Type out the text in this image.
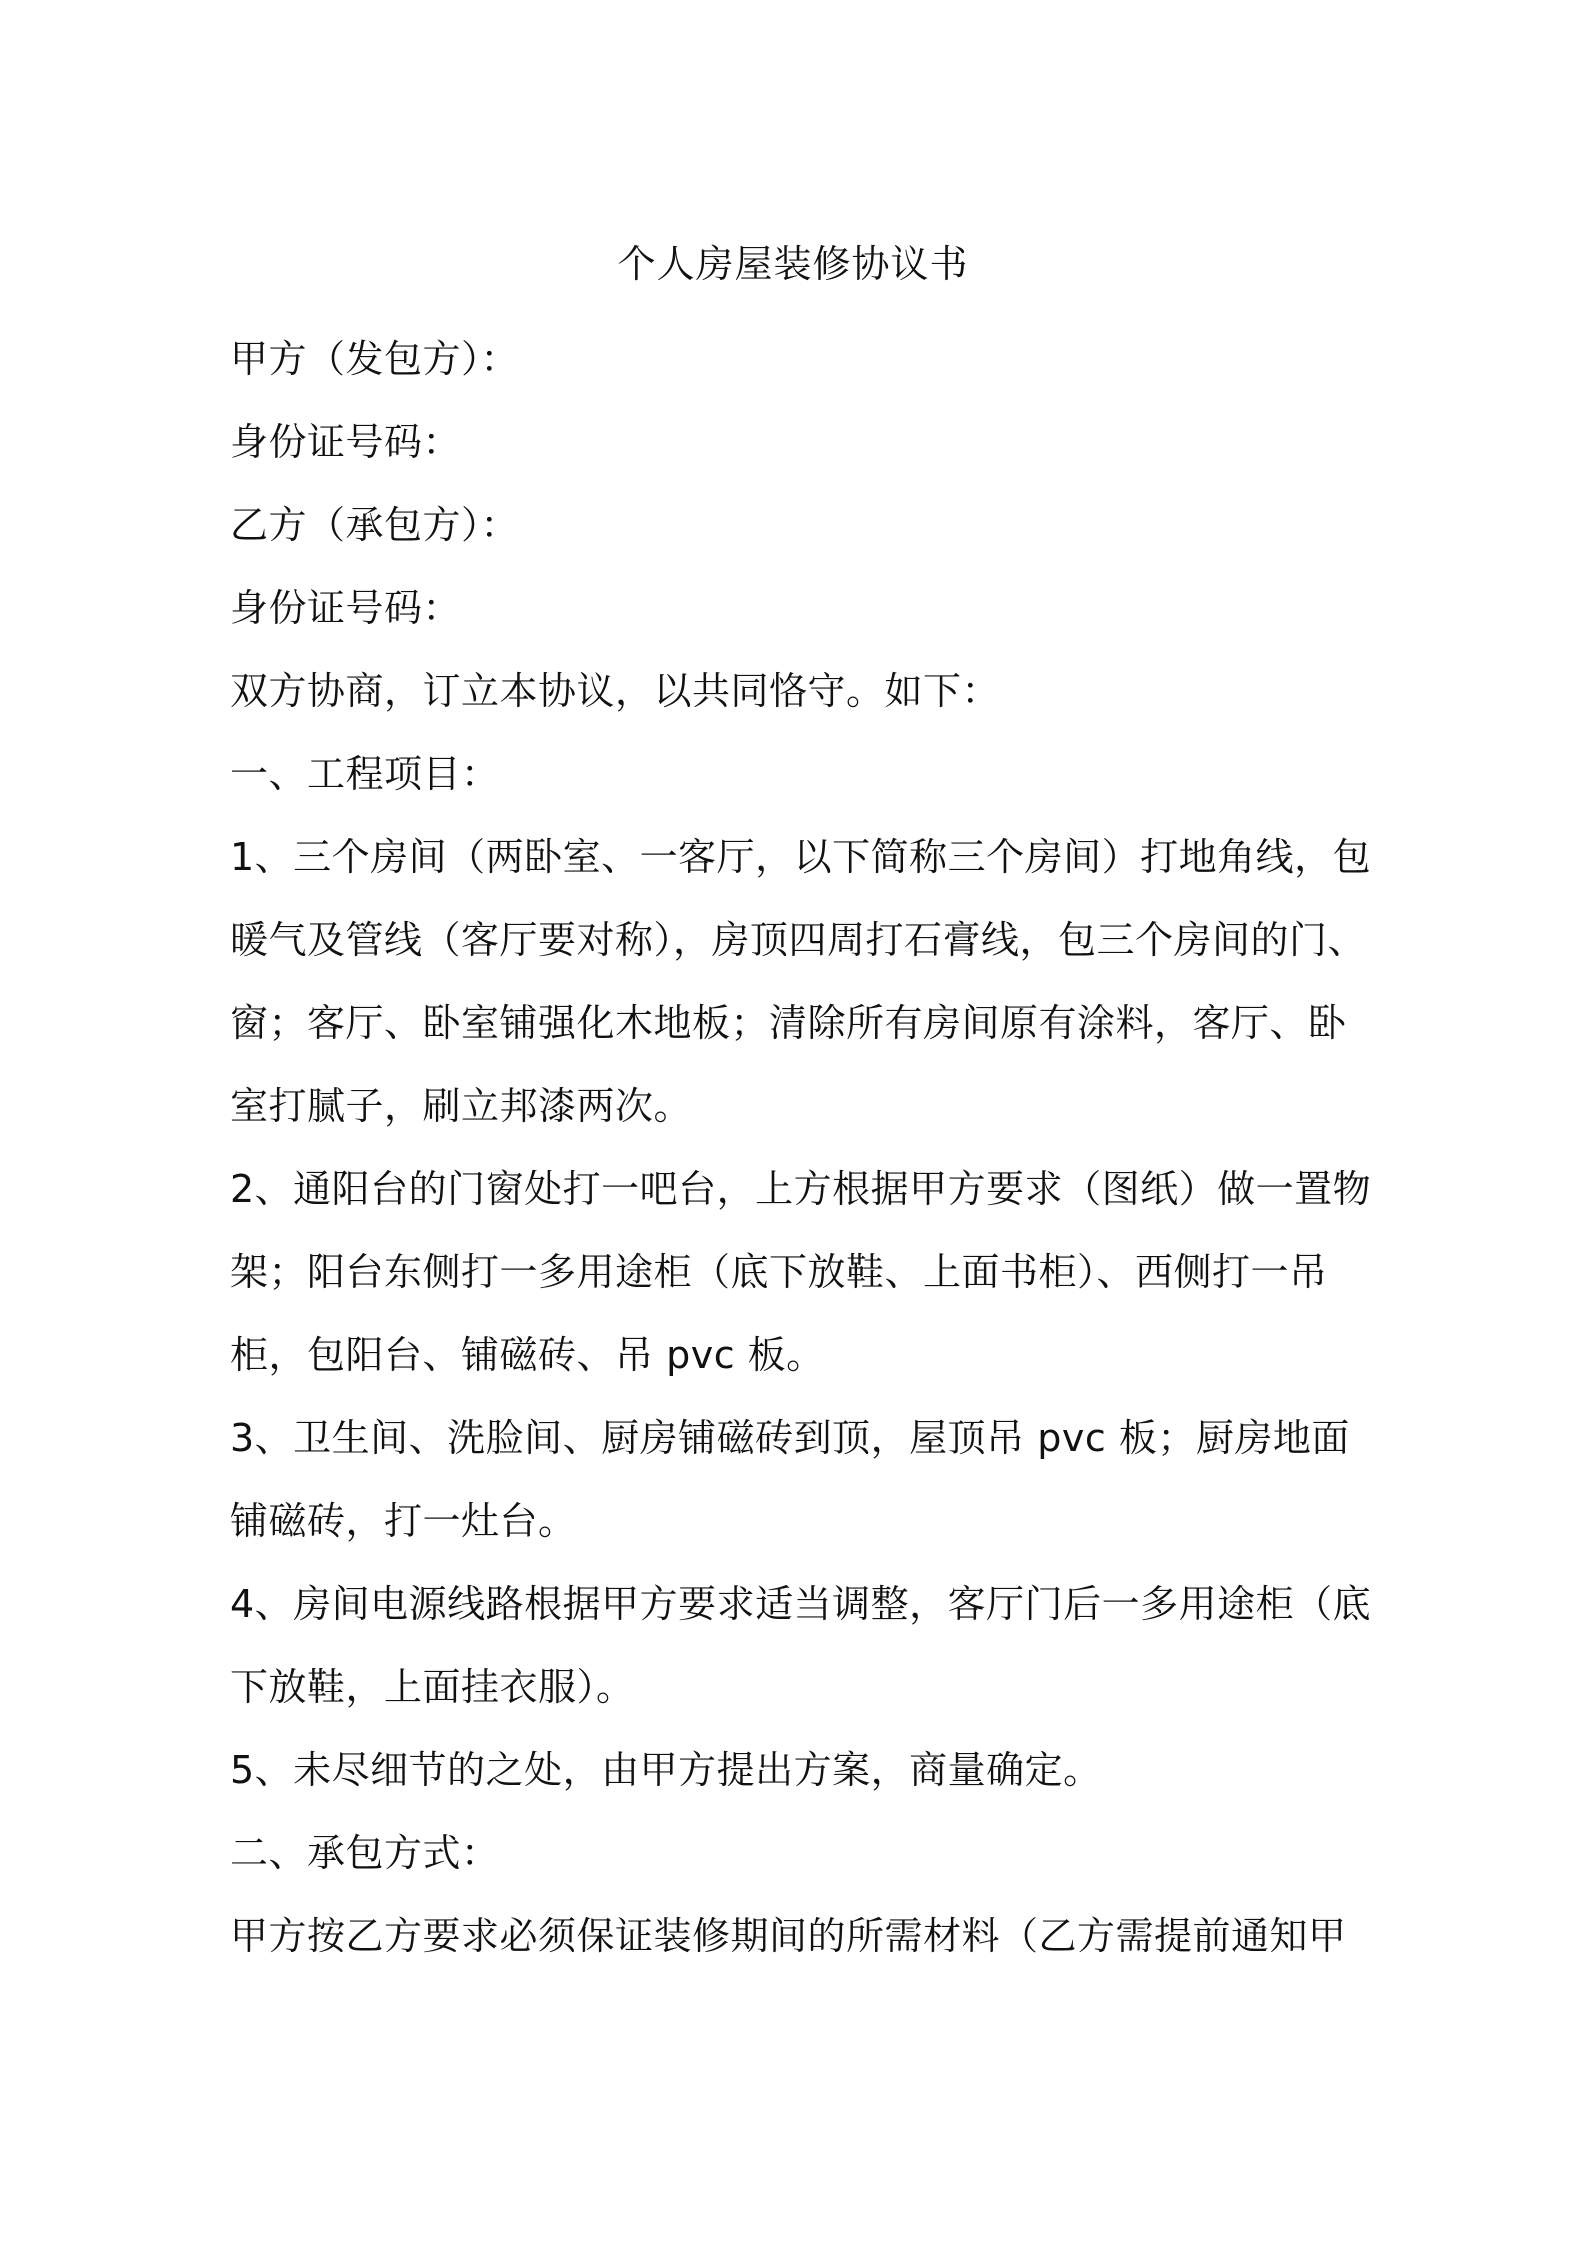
个人房屋装修协议书

甲方（发包方）：

身份证号码：

乙方（承包方）：

身份证号码：

双方协商，订立本协议，以共同恪守。如下：

一、工程项目：

1、三个房间（两卧室、一客厅，以下简称三个房间）打地角线，包暖气及管线（客厅要对称），房顶四周打石膏线，包三个房间的门、窗；客厅、卧室铺强化木地板；清除所有房间原有涂料，客厅、卧室打腻子，刷立邦漆两次。

2、通阳台的门窗处打一吧台，上方根据甲方要求（图纸）做一置物架；阳台东侧打一多用途柜（底下放鞋、上面书柜）、西侧打一吊柜，包阳台、铺磁砖、吊 pvc 板。

3、卫生间、洗脸间、厨房铺磁砖到顶，屋顶吊 pvc 板；厨房地面铺磁砖，打一灶台。

4、房间电源线路根据甲方要求适当调整，客厅门后一多用途柜（底下放鞋，上面挂衣服）。

5、未尽细节的之处，由甲方提出方案，商量确定。

二、承包方式：

甲方按乙方要求必须保证装修期间的所需材料（乙方需提前通知甲
